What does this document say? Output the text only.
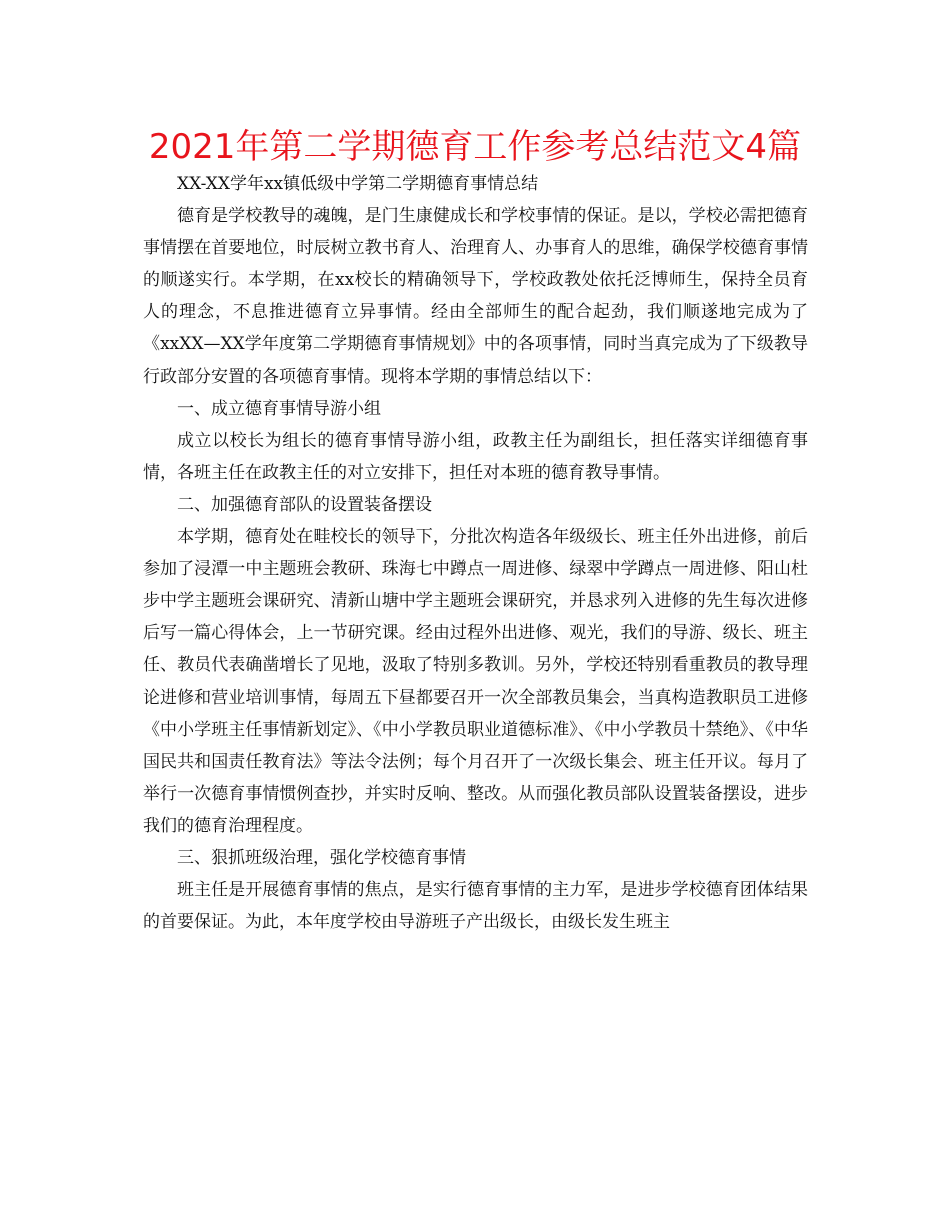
2021年第二学期德育工作参考总结范文4篇

XX-XX学年xx镇低级中学第二学期德育事情总结

德育是学校教导的魂魄，是门生康健成长和学校事情的保证。是以，学校必需把德育事情摆在首要地位，时辰树立教书育人、治理育人、办事育人的思维，确保学校德育事情的顺遂实行。本学期，在xx校长的精确领导下，学校政教处依托泛博师生，保持全员育人的理念，不息推进德育立异事情。经由全部师生的配合起劲，我们顺遂地完成为了《xxXX—XX学年度第二学期德育事情规划》中的各项事情，同时当真完成为了下级教导行政部分安置的各项德育事情。现将本学期的事情总结以下：

一、成立德育事情导游小组

成立以校长为组长的德育事情导游小组，政教主任为副组长，担任落实详细德育事情，各班主任在政教主任的对立安排下，担任对本班的德育教导事情。

二、加强德育部队的设置装备摆设

本学期，德育处在畦校长的领导下，分批次构造各年级级长、班主任外出进修，前后参加了浸潭一中主题班会教研、珠海七中蹲点一周进修、绿翠中学蹲点一周进修、阳山杜步中学主题班会课研究、清新山塘中学主题班会课研究，并恳求列入进修的先生每次进修后写一篇心得体会，上一节研究课。经由过程外出进修、观光，我们的导游、级长、班主任、教员代表确凿增长了见地，汲取了特别多教训。另外，学校还特别看重教员的教导理论进修和营业培训事情，每周五下昼都要召开一次全部教员集会，当真构造教职员工进修《中小学班主任事情新划定》、《中小学教员职业道德标准》、《中小学教员十禁绝》、《中华国民共和国责任教育法》等法令法例；每个月召开了一次级长集会、班主任开议。每月了举行一次德育事情惯例查抄，并实时反响、整改。从而强化教员部队设置装备摆设，进步我们的德育治理程度。

三、狠抓班级治理，强化学校德育事情

班主任是开展德育事情的焦点，是实行德育事情的主力军，是进步学校德育团体结果的首要保证。为此，本年度学校由导游班子产出级长，由级长发生班主
